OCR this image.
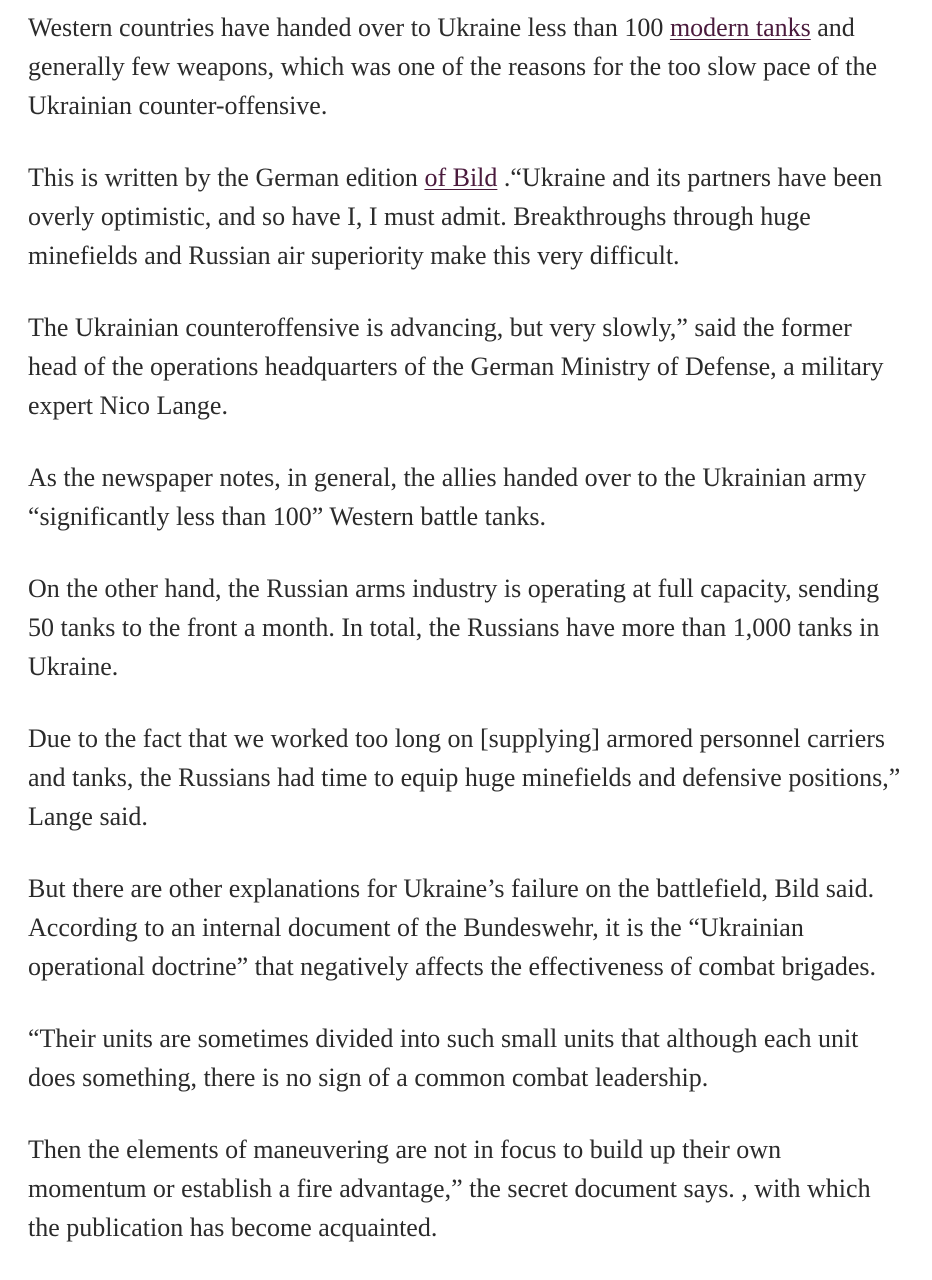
Western countries have handed over to Ukraine less than 100 modern tanks and generally few weapons, which was one of the reasons for the too slow pace of the Ukrainian counter-offensive.

This is written by the German edition of Bild .“Ukraine and its partners have been overly optimistic, and so have I, I must admit. Breakthroughs through huge minefields and Russian air superiority make this very difficult.

The Ukrainian counteroffensive is advancing, but very slowly,” said the former head of the operations headquarters of the German Ministry of Defense, a military expert Nico Lange.

As the newspaper notes, in general, the allies handed over to the Ukrainian army “significantly less than 100” Western battle tanks.

On the other hand, the Russian arms industry is operating at full capacity, sending 50 tanks to the front a month. In total, the Russians have more than 1,000 tanks in Ukraine.

Due to the fact that we worked too long on [supplying] armored personnel carriers and tanks, the Russians had time to equip huge minefields and defensive positions,” Lange said.

But there are other explanations for Ukraine’s failure on the battlefield, Bild said. According to an internal document of the Bundeswehr, it is the “Ukrainian operational doctrine” that negatively affects the effectiveness of combat brigades.

“Their units are sometimes divided into such small units that although each unit does something, there is no sign of a common combat leadership.

Then the elements of maneuvering are not in focus to build up their own momentum or establish a fire advantage,” the secret document says. , with which the publication has become acquainted.
